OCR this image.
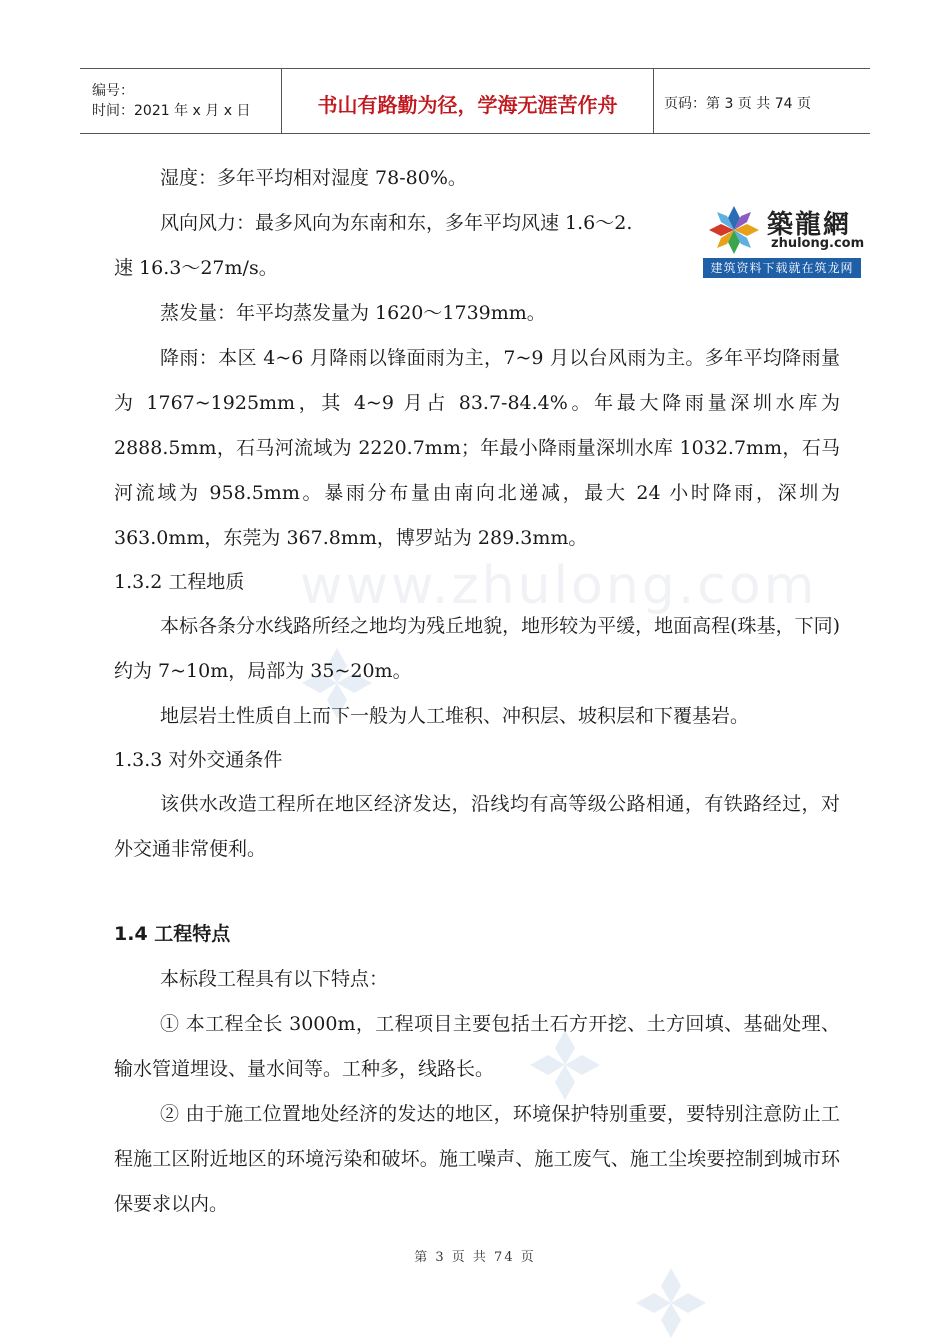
编号：
时间：2021 年 x 月 x 日	书山有路勤为径，学海无涯苦作舟	页码：第 3 页 共 74 页
www.zhulong.com

湿度：多年平均相对湿度 78-80%。

风向风力：最多风向为东南和东，多年平均风速 1.6～2.

速 16.3～27m/s。

蒸发量：年平均蒸发量为 1620～1739mm。

降雨：本区 4~6 月降雨以锋面雨为主，7~9 月以台风雨为主。多年平均降雨量为 1767~1925mm，其 4~9 月占 83.7-84.4%。年最大降雨量深圳水库为 2888.5mm，石马河流域为 2220.7mm；年最小降雨量深圳水库 1032.7mm，石马河流域为 958.5mm。暴雨分布量由南向北递减，最大 24 小时降雨，深圳为 363.0mm，东莞为 367.8mm，博罗站为 289.3mm。

1.3.2 工程地质

本标各条分水线路所经之地均为残丘地貌，地形较为平缓，地面高程(珠基，下同)约为 7~10m，局部为 35~20m。

地层岩土性质自上而下一般为人工堆积、冲积层、坡积层和下覆基岩。

1.3.3 对外交通条件

该供水改造工程所在地区经济发达，沿线均有高等级公路相通，有铁路经过，对外交通非常便利。

1.4 工程特点

本标段工程具有以下特点：

① 本工程全长 3000m，工程项目主要包括土石方开挖、土方回填、基础处理、输水管道埋设、量水间等。工种多，线路长。

② 由于施工位置地处经济的发达的地区，环境保护特别重要，要特别注意防止工程施工区附近地区的环境污染和破坏。施工噪声、施工废气、施工尘埃要控制到城市环保要求以内。

築龍網
zhulong.com
建筑资料下载就在筑龙网
第 3 页 共 74 页
